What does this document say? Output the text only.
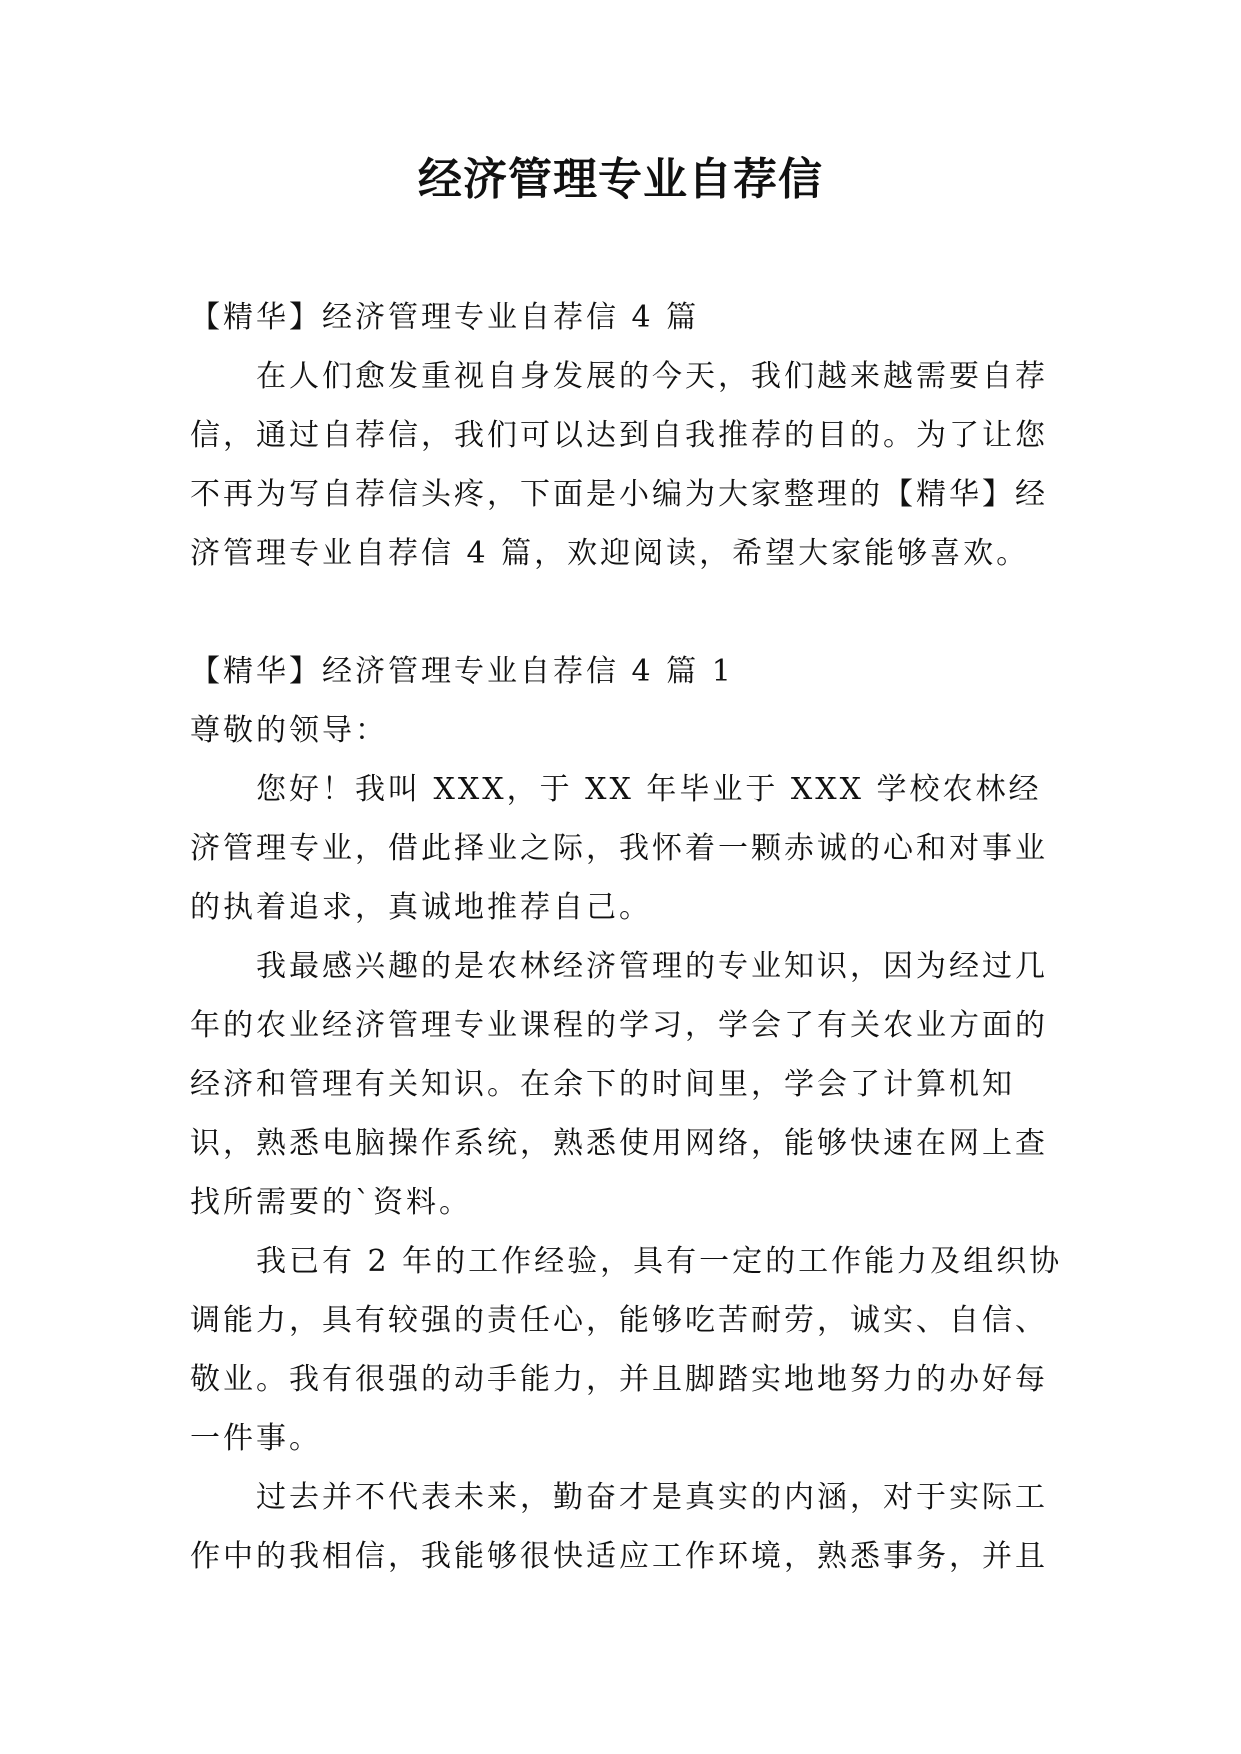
经济管理专业自荐信

【精华】经济管理专业自荐信 4 篇

在人们愈发重视自身发展的今天，我们越来越需要自荐信，通过自荐信，我们可以达到自我推荐的目的。为了让您不再为写自荐信头疼，下面是小编为大家整理的【精华】经济管理专业自荐信 4 篇，欢迎阅读，希望大家能够喜欢。

【精华】经济管理专业自荐信 4 篇 1

尊敬的领导：

您好！我叫 XXX，于 XX 年毕业于 XXX 学校农林经济管理专业，借此择业之际，我怀着一颗赤诚的心和对事业的执着追求，真诚地推荐自己。

我最感兴趣的是农林经济管理的专业知识，因为经过几年的农业经济管理专业课程的学习，学会了有关农业方面的经济和管理有关知识。在余下的时间里，学会了计算机知识，熟悉电脑操作系统，熟悉使用网络，能够快速在网上查找所需要的`资料。

我已有 2 年的工作经验，具有一定的工作能力及组织协调能力，具有较强的责任心，能够吃苦耐劳，诚实、自信、敬业。我有很强的动手能力，并且脚踏实地地努力的办好每一件事。

过去并不代表未来，勤奋才是真实的内涵，对于实际工作中的我相信，我能够很快适应工作环境，熟悉事务，并且
